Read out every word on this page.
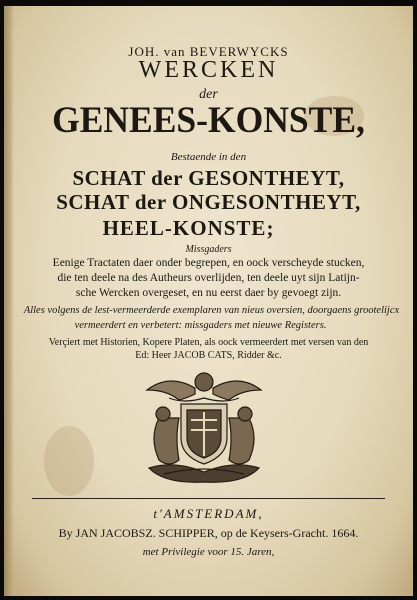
JOH. van BEVERWYCKS
WERCKEN
der
GENEES-KONSTE,
Bestaende in den
SCHAT der GESONTHEYT,
SCHAT der ONGESONTHEYT,
HEEL-KONSTE;
Missgaders
Eenige Tractaten daer onder begrepen, en oock verscheyde stucken,
die ten deele na des Autheurs overlijden, ten deele uyt sijn Latijn-
sche Wercken overgeset, en nu eerst daer by gevoegt zijn.
Alles volgens de lest-vermeerderde exemplaren van nieus oversien, doorgaens grootelijcx
vermeerdert en verbetert: missgaders met nieuwe Registers.
Verçiert met Historien, Kopere Platen, als oock vermeerdert met versen van den
Ed: Heer JACOB CATS, Ridder &c.
t'AMSTERDAM,
By JAN JACOBSZ. SCHIPPER, op de Keysers-Gracht. 1664.
met Privilegie voor 15. Jaren,
